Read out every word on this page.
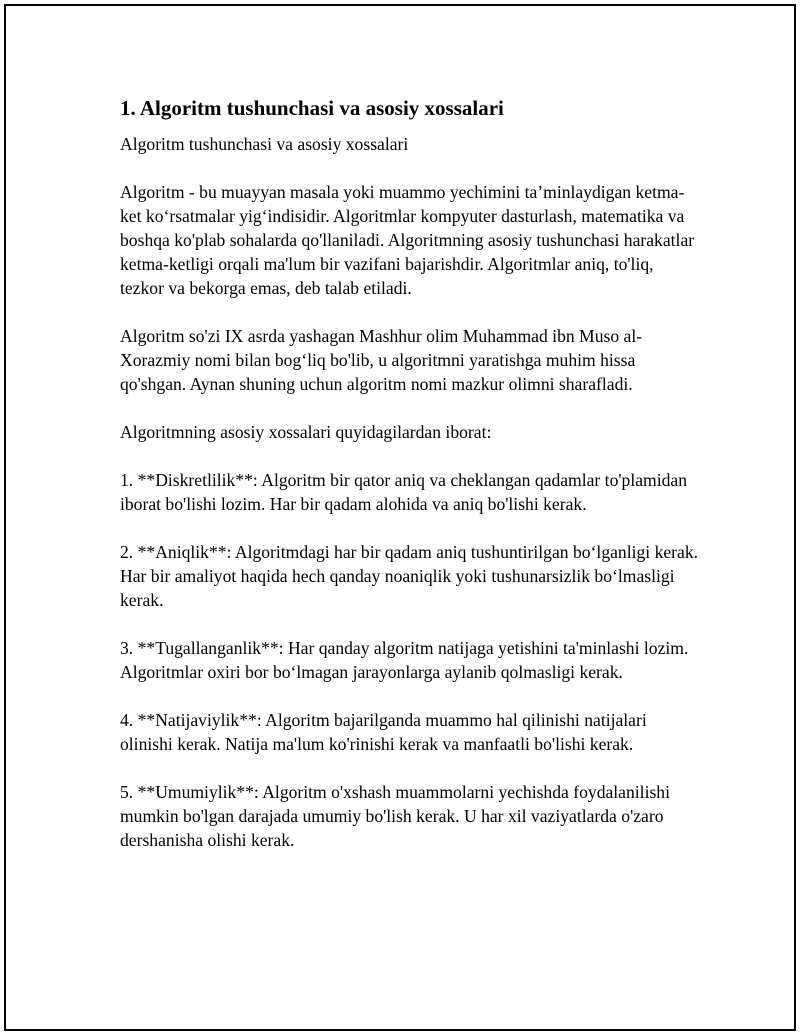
1. Algoritm tushunchasi va asosiy xossalari

Algoritm tushunchasi va asosiy xossalari

Algoritm - bu muayyan masala yoki muammo yechimini ta’minlaydigan ketma-ket ko‘rsatmalar yig‘indisidir. Algoritmlar kompyuter dasturlash, matematika va boshqa ko'plab sohalarda qo'llaniladi. Algoritmning asosiy tushunchasi harakatlar ketma-ketligi orqali ma'lum bir vazifani bajarishdir. Algoritmlar aniq, to'liq, tezkor va bekorga emas, deb talab etiladi.

Algoritm so'zi IX asrda yashagan Mashhur olim Muhammad ibn Muso al-Xorazmiy nomi bilan bog‘liq bo'lib, u algoritmni yaratishga muhim hissa qo'shgan. Aynan shuning uchun algoritm nomi mazkur olimni sharafladi.

Algoritmning asosiy xossalari quyidagilardan iborat:

1. **Diskretlilik**: Algoritm bir qator aniq va cheklangan qadamlar to'plamidan iborat bo'lishi lozim. Har bir qadam alohida va aniq bo'lishi kerak.

2. **Aniqlik**: Algoritmdagi har bir qadam aniq tushuntirilgan bo‘lganligi kerak. Har bir amaliyot haqida hech qanday noaniqlik yoki tushunarsizlik bo‘lmasligi kerak.

3. **Tugallanganlik**: Har qanday algoritm natijaga yetishini ta'minlashi lozim. Algoritmlar oxiri bor bo‘lmagan jarayonlarga aylanib qolmasligi kerak.

4. **Natijaviylik**: Algoritm bajarilganda muammo hal qilinishi natijalari olinishi kerak. Natija ma'lum ko'rinishi kerak va manfaatli bo'lishi kerak.

5. **Umumiylik**: Algoritm o'xshash muammolarni yechishda foydalanilishi mumkin bo'lgan darajada umumiy bo'lish kerak. U har xil vaziyatlarda o'zaro dershanisha olishi kerak.
